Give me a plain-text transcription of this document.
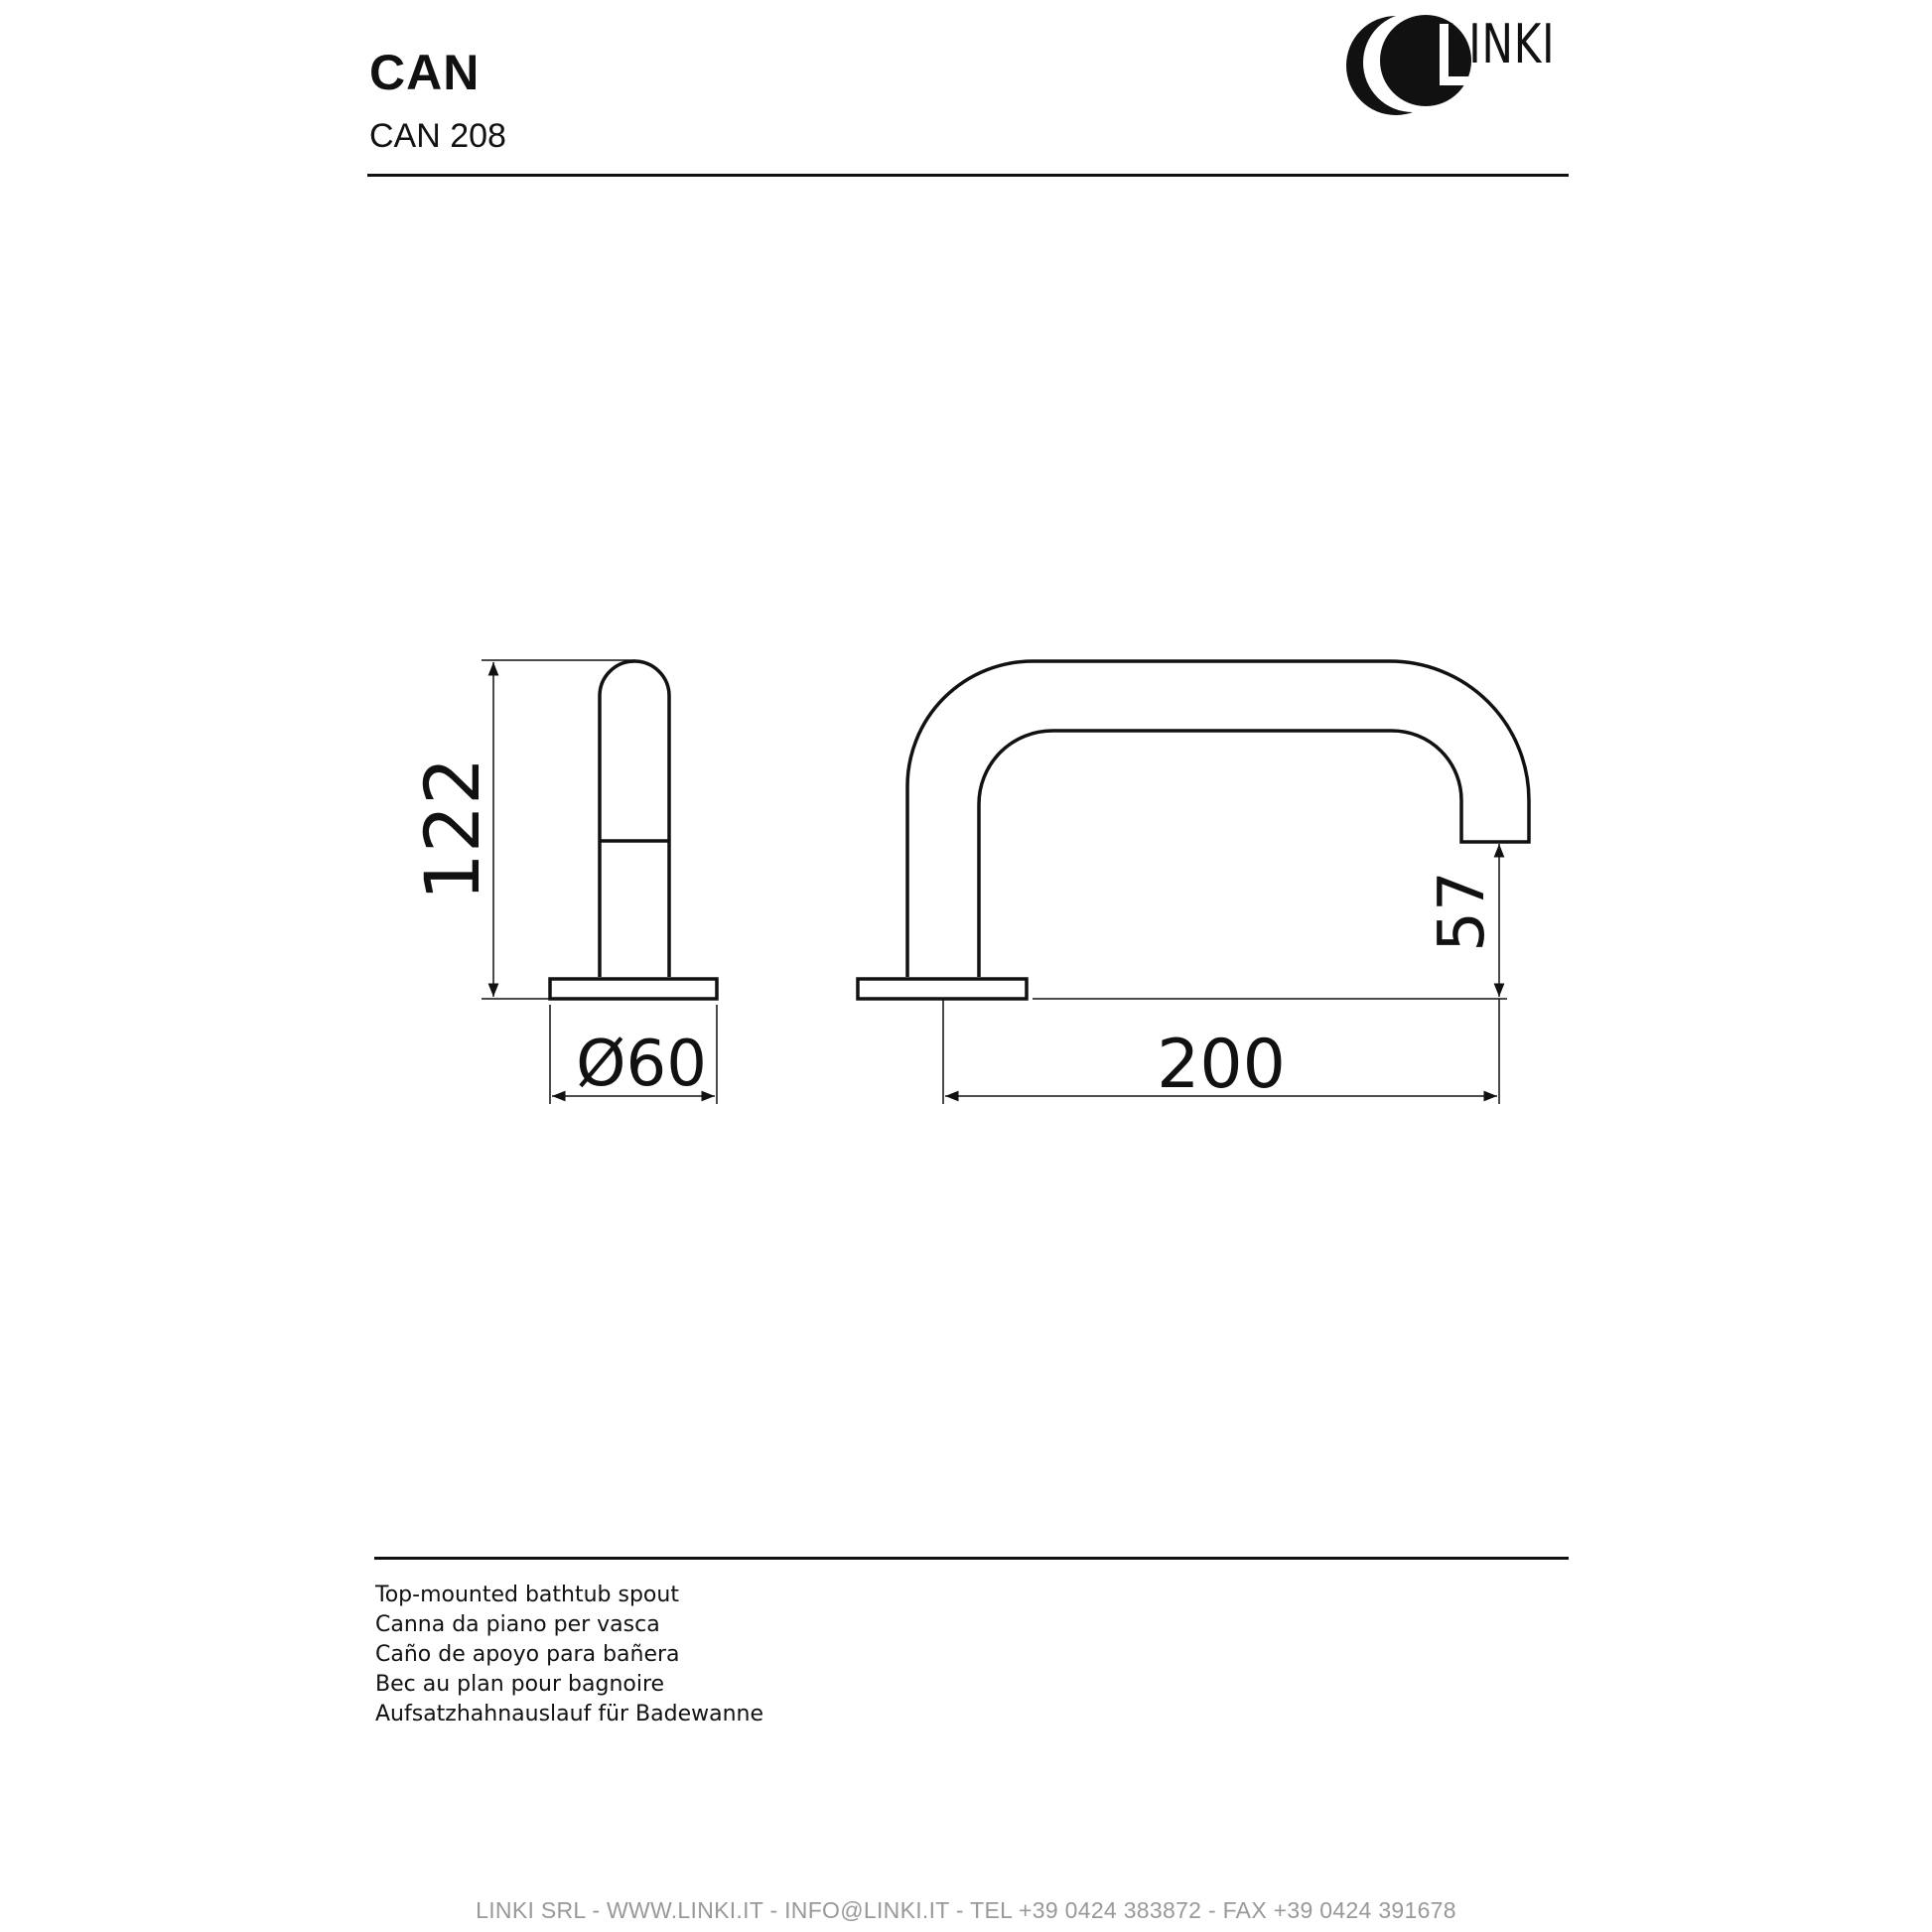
CAN
CAN 208
LINKI
122
Ø60
57
200
Top-mounted bathtub spout
Canna da piano per vasca
Caño de apoyo para bañera
Bec au plan pour bagnoire
Aufsatzhahnauslauf für Badewanne
LINKI SRL - WWW.LINKI.IT - INFO@LINKI.IT - TEL +39 0424 383872 - FAX +39 0424 391678
